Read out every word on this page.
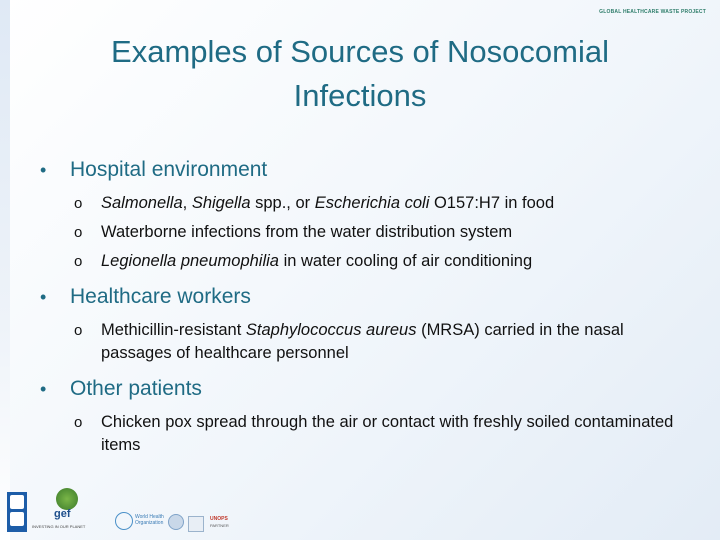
GLOBAL HEALTHCARE WASTE PROJECT
Examples of Sources of Nosocomial
Infections
• Hospital environment
o Salmonella, Shigella spp., or Escherichia coli O157:H7 in food
o Waterborne infections from the water distribution system
o Legionella pneumophilia in water cooling of air conditioning
• Healthcare workers
o Methicillin-resistant Staphylococcus aureus (MRSA) carried in the nasal passages of healthcare personnel
• Other patients
o Chicken pox spread through the air or contact with freshly soiled contaminated items
gef
INVESTING IN OUR PLANET
World Health Organization
UNOPS
PARTNER
